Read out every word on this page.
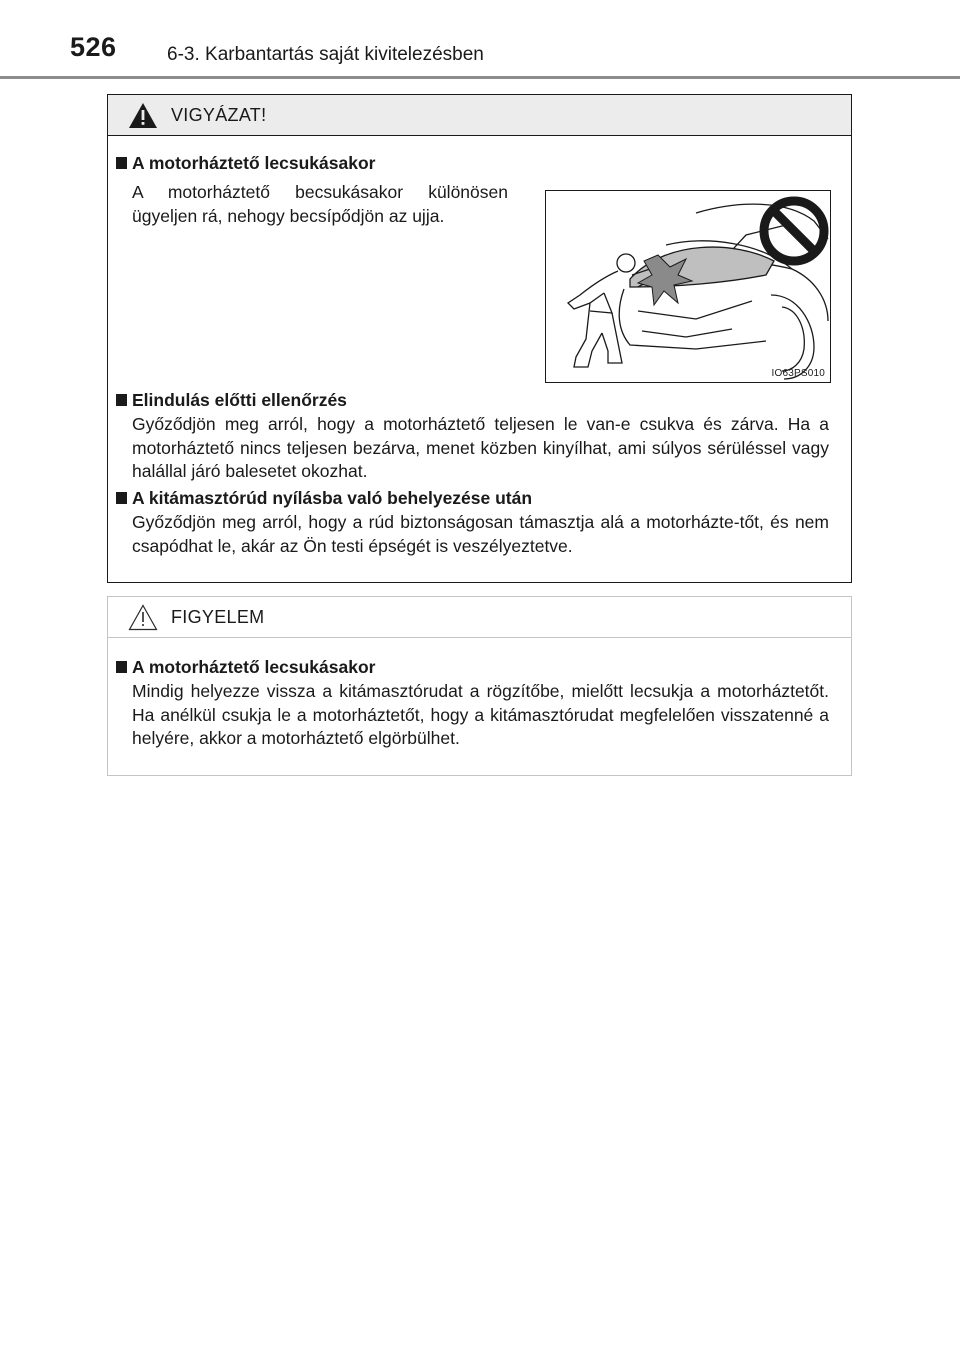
526	6-3. Karbantartás saját kivitelezésben
VIGYÁZAT!
A motorháztető lecsukásakor
A motorháztető becsukásakor különösen ügyeljen rá, nehogy becsípődjön az ujja.
IO63PS010
Elindulás előtti ellenőrzés
Győződjön meg arról, hogy a motorháztető teljesen le van-e csukva és zárva. Ha a motorháztető nincs teljesen bezárva, menet közben kinyílhat, ami súlyos sérüléssel vagy halállal járó balesetet okozhat.
A kitámasztórúd nyílásba való behelyezése után
Győződjön meg arról, hogy a rúd biztonságosan támasztja alá a motorházte-tőt, és nem csapódhat le, akár az Ön testi épségét is veszélyeztetve.
FIGYELEM
A motorháztető lecsukásakor
Mindig helyezze vissza a kitámasztórudat a rögzítőbe, mielőtt lecsukja a motorháztetőt. Ha anélkül csukja le a motorháztetőt, hogy a kitámasztórudat megfelelően visszatenné a helyére, akkor a motorháztető elgörbülhet.
